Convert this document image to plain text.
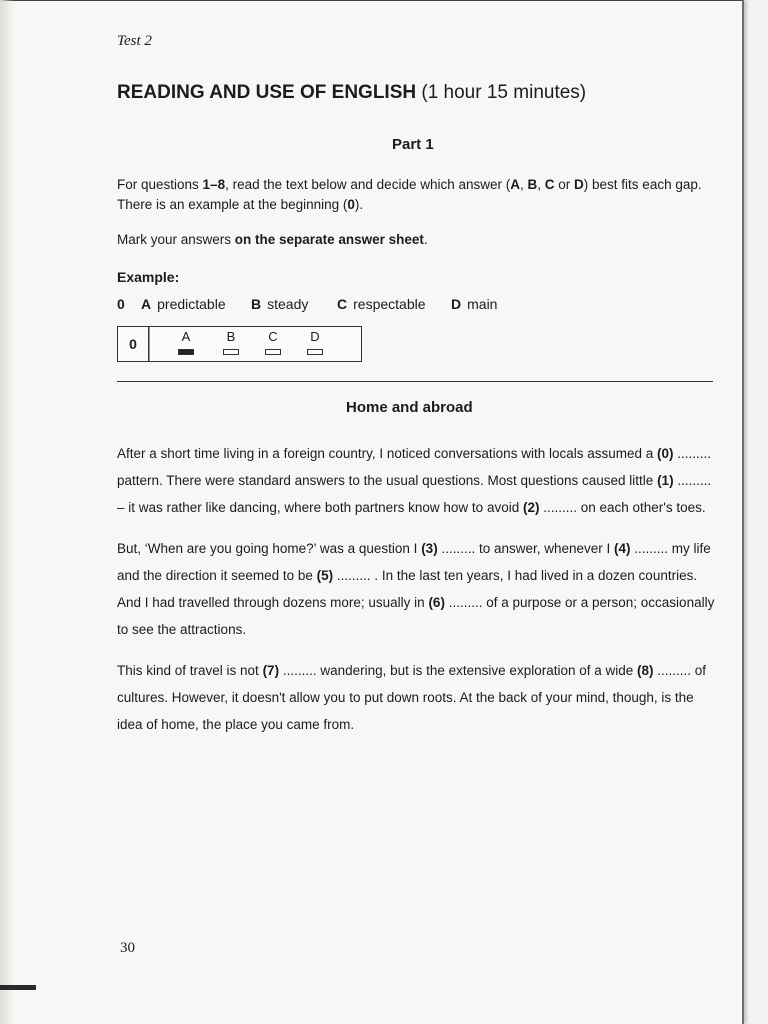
Test 2
READING AND USE OF ENGLISH (1 hour 15 minutes)
Part 1
For questions 1–8, read the text below and decide which answer (A, B, C or D) best fits each gap.
There is an example at the beginning (0).
Mark your answers on the separate answer sheet.
Example:
0 A predictable B steady C respectable D main
0	A	B	C	D
Home and abroad
After a short time living in a foreign country, I noticed conversations with locals assumed a (0) ......... pattern. There were standard answers to the usual questions. Most questions caused little (1) ......... – it was rather like dancing, where both partners know how to avoid (2) ......... on each other's toes.
But, ‘When are you going home?’ was a question I (3) ......... to answer, whenever I (4) ......... my life and the direction it seemed to be (5) ......... . In the last ten years, I had lived in a dozen countries. And I had travelled through dozens more; usually in (6) ......... of a purpose or a person; occasionally to see the attractions.
This kind of travel is not (7) ......... wandering, but is the extensive exploration of a wide (8) ......... of cultures. However, it doesn't allow you to put down roots. At the back of your mind, though, is the idea of home, the place you came from.
30
